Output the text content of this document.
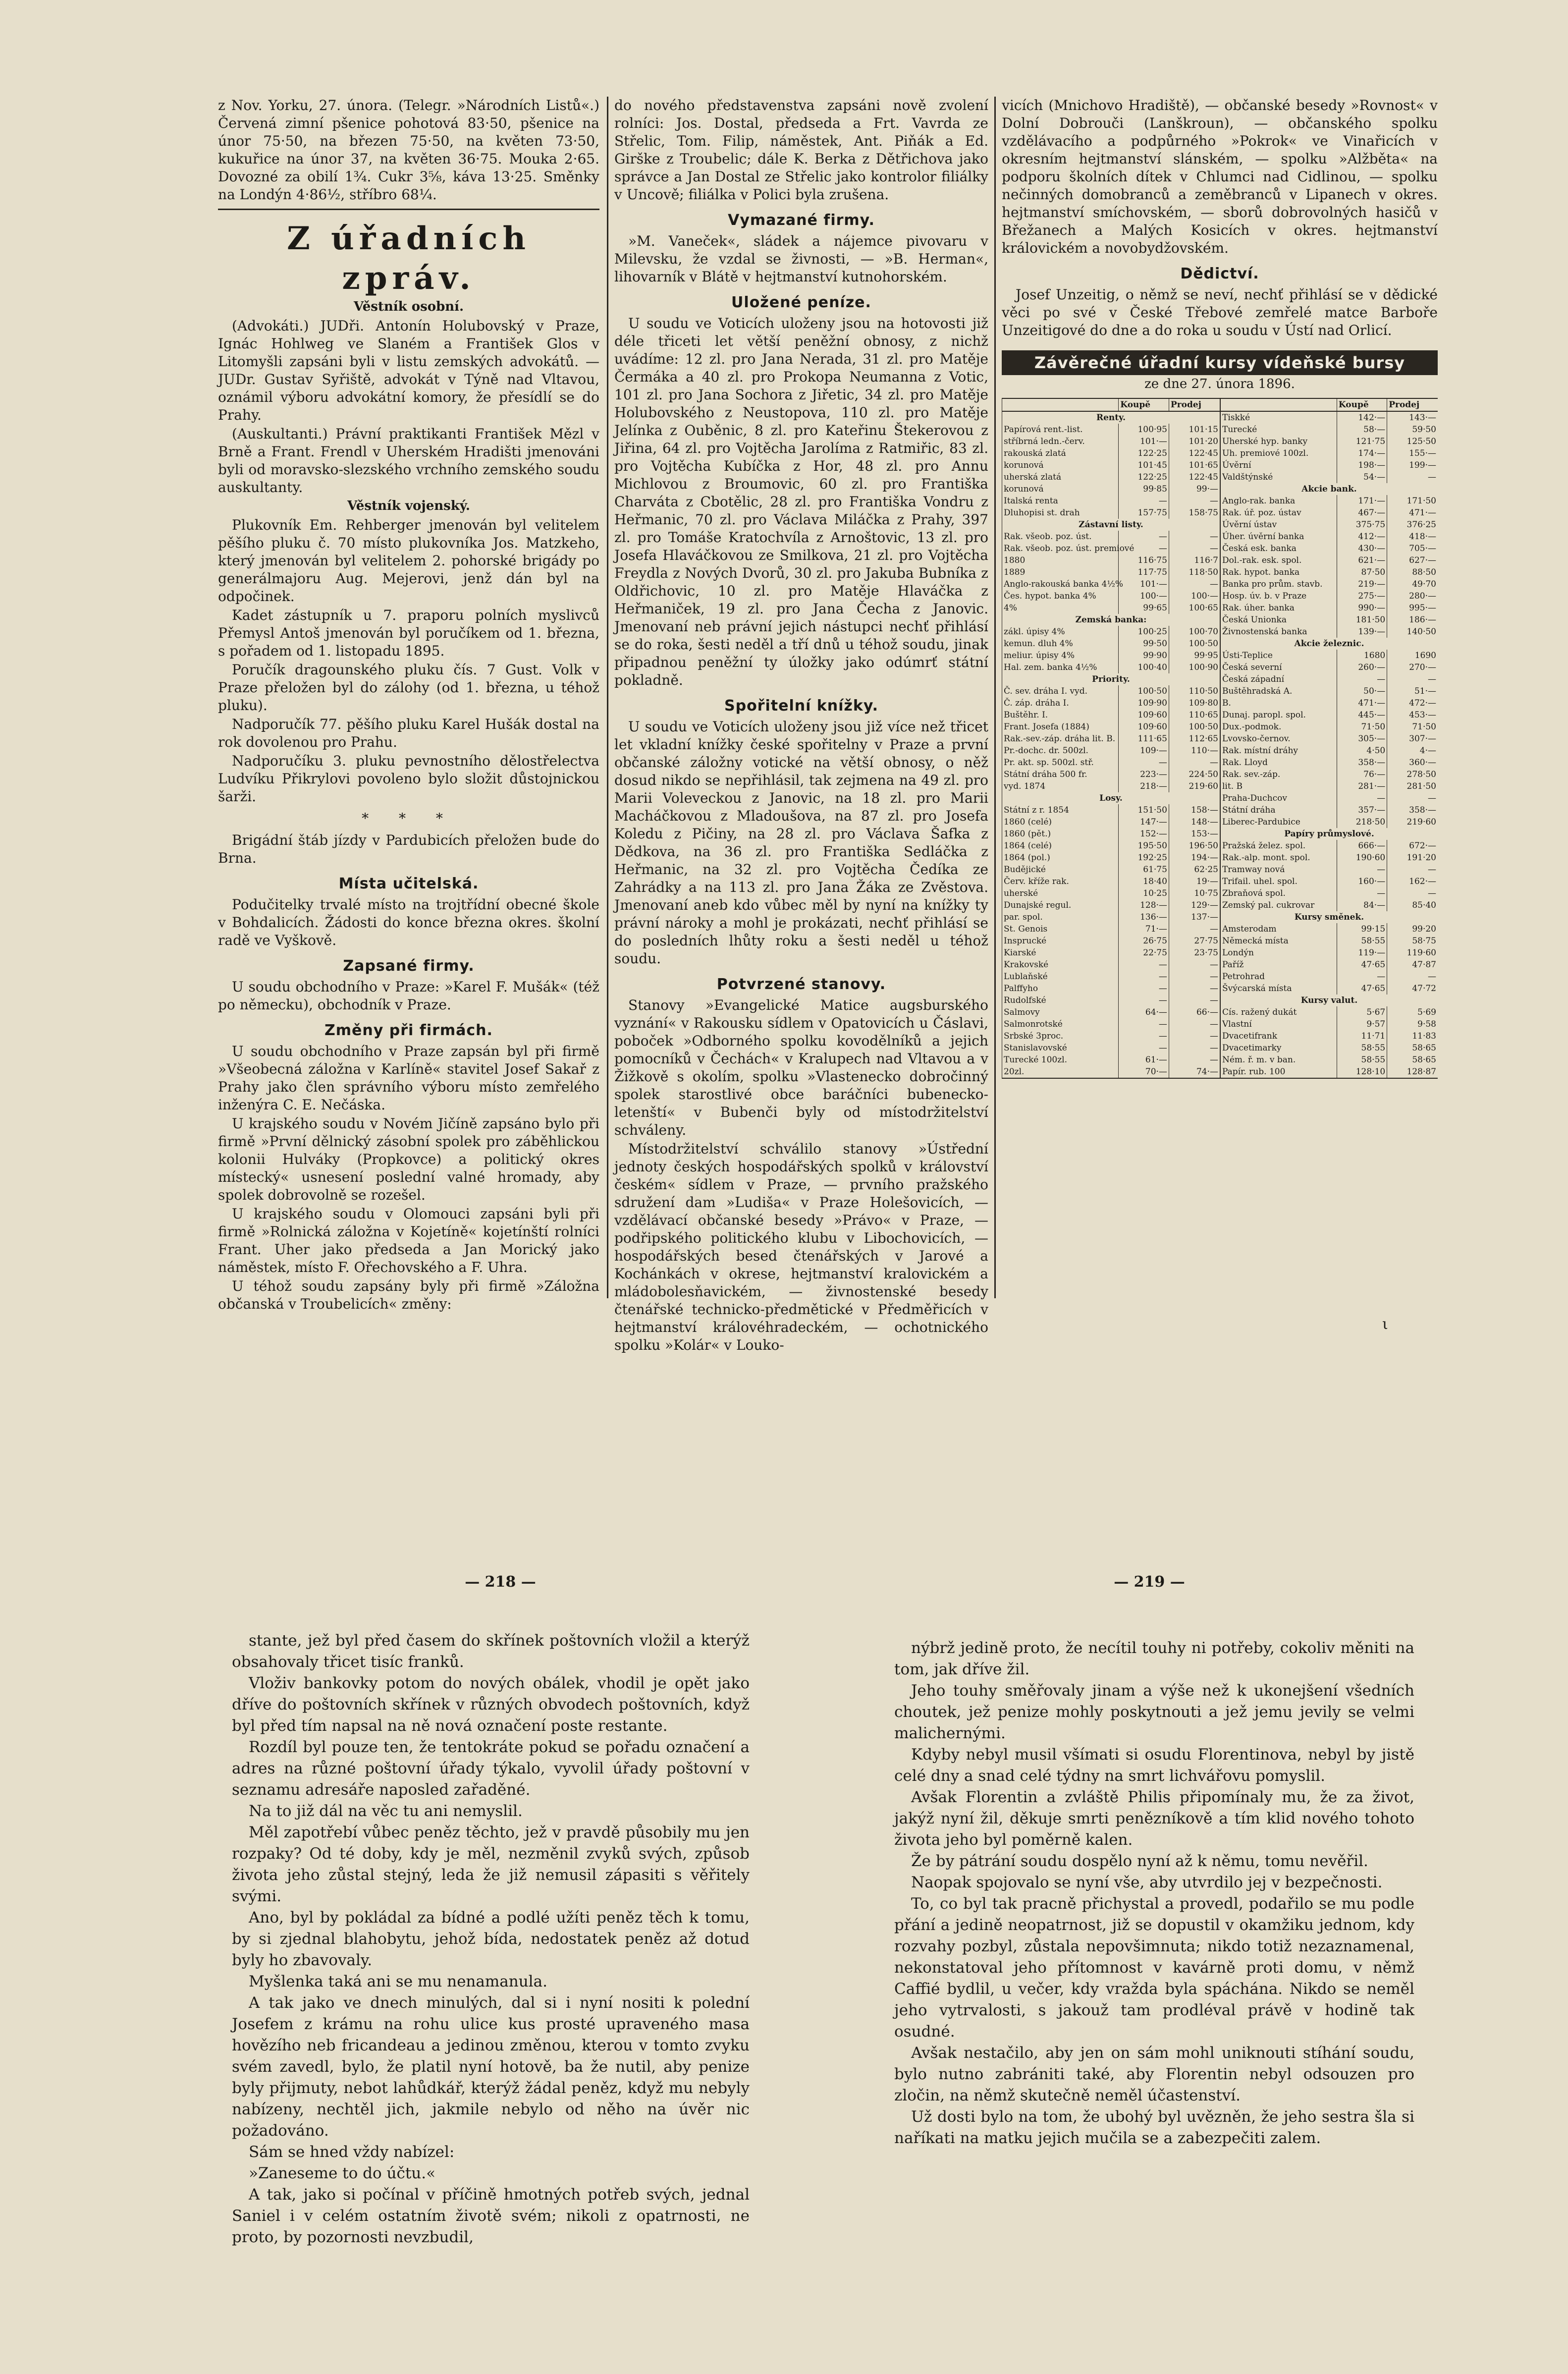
z Nov. Yorku, 27. února. (Telegr. »Národních Listů«.) Červená zimní pšenice pohotová 83·50, pšenice na únor 75·50, na březen 75·50, na květen 73·50, kukuřice na únor 37, na květen 36·75. Mouka 2·65. Dovozné za obilí 1¾. Cukr 3⅝, káva 13·25. Směnky na Londýn 4·86½, stříbro 68¼.

Z úřadních zpráv.
Věstník osobní.

(Advokáti.) JUDři. Antonín Holubovský v Praze, Ignác Hohlweg ve Slaném a František Glos v Litomyšli zapsáni byli v listu zemských advokátů. — JUDr. Gustav Syřiště, advokát v Týně nad Vltavou, oznámil výboru advokátní komory, že přesídlí se do Prahy.

(Auskultanti.) Právní praktikanti František Mězl v Brně a Frant. Frendl v Uherském Hradišti jmenováni byli od moravsko-slezského vrchního zemského soudu auskultanty.

Věstník vojenský.

Plukovník Em. Rehberger jmenován byl velitelem pěšího pluku č. 70 místo plukovníka Jos. Matzkeho, který jmenován byl velitelem 2. pohorské brigády po generálmajoru Aug. Mejerovi, jenž dán byl na odpočinek.

Kadet zástupník u 7. praporu polních myslivců Přemysl Antoš jmenován byl poručíkem od 1. března, s pořadem od 1. listopadu 1895.

Poručík dragounského pluku čís. 7 Gust. Volk v Praze přeložen byl do zálohy (od 1. března, u téhož pluku).

Nadporučík 77. pěšího pluku Karel Hušák dostal na rok dovolenou pro Prahu.

Nadporučíku 3. pluku pevnostního dělostřelectva Ludvíku Přikrylovi povoleno bylo složit důstojnickou šarži.

* * *

Brigádní štáb jízdy v Pardubicích přeložen bude do Brna.

Místa učitelská.

Podučitelky trvalé místo na trojtřídní obecné škole v Bohdalicích. Žádosti do konce března okres. školní radě ve Vyškově.

Zapsané firmy.

U soudu obchodního v Praze: »Karel F. Mušák« (též po německu), obchodník v Praze.

Změny při firmách.

U soudu obchodního v Praze zapsán byl při firmě »Všeobecná záložna v Karlíně« stavitel Josef Sakař z Prahy jako člen správního výboru místo zemřelého inženýra C. E. Nečáska.

U krajského soudu v Novém Jičíně zapsáno bylo při firmě »První dělnický zásobní spolek pro záběhlickou kolonii Hulváky (Propkovce) a politický okres místecký« usnesení poslední valné hromady, aby spolek dobrovolně se rozešel.

U krajského soudu v Olomouci zapsáni byli při firmě »Rolnická záložna v Kojetíně« kojetínští rolníci Frant. Uher jako předseda a Jan Morický jako náměstek, místo F. Ořechovského a F. Uhra.

U téhož soudu zapsány byly při firmě »Záložna občanská v Troubelicích« změny:

do nového představenstva zapsáni nově zvolení rolníci: Jos. Dostal, předseda a Frt. Vavrda ze Střelic, Tom. Filip, náměstek, Ant. Piňák a Ed. Girške z Troubelic; dále K. Berka z Dětřichova jako správce a Jan Dostal ze Střelic jako kontrolor filiálky v Uncově; filiálka v Polici byla zrušena.

Vymazané firmy.

»M. Vaneček«, sládek a nájemce pivovaru v Milevsku, že vzdal se živnosti, — »B. Herman«, lihovarník v Blátě v hejtmanství kutnohorském.

Uložené peníze.

U soudu ve Voticích uloženy jsou na hotovosti již déle třiceti let větší peněžní obnosy, z nichž uvádíme: 12 zl. pro Jana Nerada, 31 zl. pro Matěje Čermáka a 40 zl. pro Prokopa Neumanna z Votic, 101 zl. pro Jana Sochora z Jiřetic, 34 zl. pro Matěje Holubovského z Neustopova, 110 zl. pro Matěje Jelínka z Ouběnic, 8 zl. pro Kateřinu Štekerovou z Jiřina, 64 zl. pro Vojtěcha Jarolíma z Ratmiřic, 83 zl. pro Vojtěcha Kubíčka z Hor, 48 zl. pro Annu Michlovou z Broumovic, 60 zl. pro Františka Charváta z Cbotělic, 28 zl. pro Františka Vondru z Heřmanic, 70 zl. pro Václava Miláčka z Prahy, 397 zl. pro Tomáše Kratochvíla z Arnoštovic, 13 zl. pro Josefa Hlaváčkovou ze Smilkova, 21 zl. pro Vojtěcha Freydla z Nových Dvorů, 30 zl. pro Jakuba Bubníka z Oldřichovic, 10 zl. pro Matěje Hlaváčka z Heřmaniček, 19 zl. pro Jana Čecha z Janovic. Jmenovaní neb právní jejich nástupci nechť přihlásí se do roka, šesti neděl a tří dnů u téhož soudu, jinak připadnou peněžní ty úložky jako odúmrť státní pokladně.

Spořitelní knížky.

U soudu ve Voticích uloženy jsou již více než třicet let vkladní knížky české spořitelny v Praze a první občanské záložny votické na větší obnosy, o něž dosud nikdo se nepřihlásil, tak zejmena na 49 zl. pro Marii Voleveckou z Janovic, na 18 zl. pro Marii Macháčkovou z Mladoušova, na 87 zl. pro Josefa Koledu z Pičiny, na 28 zl. pro Václava Šafka z Dědkova, na 36 zl. pro Františka Sedláčka z Heřmanic, na 32 zl. pro Vojtěcha Čedíka ze Zahrádky a na 113 zl. pro Jana Žáka ze Zvěstova. Jmenovaní aneb kdo vůbec měl by nyní na knížky ty právní nároky a mohl je prokázati, nechť přihlásí se do posledních lhůty roku a šesti neděl u téhož soudu.

Potvrzené stanovy.

Stanovy »Evangelické Matice augsburského vyznání« v Rakousku sídlem v Opatovicích u Čáslavi, poboček »Odborného spolku kovodělníků a jejich pomocníků v Čechách« v Kralupech nad Vltavou a v Žižkově s okolím, spolku »Vlastenecko dobročinný spolek starostlivé obce baráčníci bubenecko-letenští« v Bubenči byly od místodržitelství schváleny.

Místodržitelství schválilo stanovy »Ústřední jednoty českých hospodářských spolků v království českém« sídlem v Praze, — prvního pražského sdružení dam »Ludiša« v Praze Holešovicích, — vzdělávací občanské besedy »Právo« v Praze, — podřipského politického klubu v Libochovicích, — hospodářských besed čtenářských v Jarové a Kochánkách v okrese, hejtmanství kralovickém a mládobolesňavickém, — živnostenské besedy čtenářské technicko-předmětické v Předměřicích v hejtmanství královéhradeckém, — ochotnického spolku »Kolár« v Louko-

vicích (Mnichovo Hradiště), — občanské besedy »Rovnost« v Dolní Dobrouči (Lanškroun), — občanského spolku vzdělávacího a podpůrného »Pokrok« ve Vinařicích v okresním hejtmanství slánském, — spolku »Alžběta« na podporu školních dítek v Chlumci nad Cidlinou, — spolku nečinných domobranců a zeměbranců v Lipanech v okres. hejtmanství smíchovském, — sborů dobrovolných hasičů v Břežanech a Malých Kosicích v okres. hejtmanství královickém a novobydžovském.

Dědictví.

Josef Unzeitig, o němž se neví, nechť přihlásí se v dědické věci po své v České Třebové zemřelé matce Barboře Unzeitigové do dne a do roka u soudu v Ústí nad Orlicí.

Závěrečné úřadní kursy vídeňské bursy
ze dne 27. února 1896.
	Koupě	Prodej
Renty.		
Papírová rent.-list.	100·95	101·15
stříbrná ledn.-červ.	101·—	101·20
rakouská zlatá	122·25	122·45
korunová	101·45	101·65
uherská zlatá	122·25	122·45
korunová	99·85	99·—
Italská renta	—	—
Dluhopisi st. drah	157·75	158·75
Zástavní listy.		
Rak. všeob. poz. úst.	—	—
Rak. všeob. poz. úst. premiové	—	—
1880	116·75	116·7
1889	117·75	118·50
Anglo-rakouská banka 4½%	101·—	—
Čes. hypot. banka 4%	100·—	100·—
4%	99·65	100·65
Zemská banka:		
zákl. úpisy 4%	100·25	100·70
kemun. dluh 4%	99·50	100·50
meliur. úpisy 4%	99·90	99·95
Hal. zem. banka 4½%	100·40	100·90
Priority.		
Č. sev. dráha I. vyd.	100·50	110·50
Č. záp. dráha I.	109·90	109·80
Buštěhr. I.	109·60	110·65
Frant. Josefa (1884)	109·60	100·50
Rak.-sev.-záp. dráha lit. B.	111·65	112·65
Pr.-dochc. dr. 500zl.	109·—	110·—
Pr. akt. sp. 500zl. stř.	—	—
Státní dráha 500 fr.	223·—	224·50
vyd. 1874	218·—	219·60
Losy.		
Státní z r. 1854	151·50	158·—
1860 (celé)	147·—	148·—
1860 (pět.)	152·—	153·—
1864 (celé)	195·50	196·50
1864 (pol.)	192·25	194·—
Budějické	61·75	62·25
Červ. kříže rak.	18·40	19·—
uherské	10·25	10·75
Dunajské regul.	128·—	129·—
par. spol.	136·—	137·—
St. Genois	71·—	—
Insprucké	26·75	27·75
Kiarské	22·75	23·75
Krakovské	—	—
Lublaňské	—	—
Palffyho	—	—
Rudolfské	—	—
Salmovy	64·—	66·—
Salmonrotské	—	—
Srbské 3proc.	—	—
Stanislavovské	—	—
Turecké 100zl.	61·—	—
20zl.	70·—	74·—
	Koupě	Prodej
Tiskké	142·—	143·—
Turecké	58·—	59·50
Uherské hyp. banky	121·75	125·50
Uh. premiové 100zl.	174·—	155·—
Úvěrní	198·—	199·—
Valdštýnské	54·—	—

Akcie bank.		
Anglo-rak. banka	171·—	171·50
Rak. úř. poz. ústav	467·—	471·—
Úvěrní ústav	375·75	376·25
Úher. úvěrní banka	412·—	418·—
Česká esk. banka	430·—	705·—
Dol.-rak. esk. spol.	621·—	627·—
Rak. hypot. banka	87·50	88·50
Banka pro prům. stavb.	219·—	49·70
Hosp. úv. b. v Praze	275·—	280·—
Rak. úher. banka	990·—	995·—
Česká Unionka	181·50	186·—
Živnostenská banka	139·—	140·50

Akcie železnic.		
Ústi-Teplice	1680	1690
Česká severní	260·—	270·—
Česká západní	—	—
Buštěhradská A.	50·—	51·—
B.	471·—	472·—
Dunaj. paropl. spol.	445·—	453·—
Dux.-podmok.	71·50	71·50
Lvovsko-černov.	305·—	307·—
Rak. místní dráhy	4·50	4·—
Rak. Lloyd	358·—	360·—
Rak. sev.-záp.	76·—	278·50
lit. B	281·—	281·50
Praha-Duchcov	—	—
Státní dráha	357·—	358·—
Liberec-Pardubice	218·50	219·60

Papíry průmyslové.		
Pražská želez. spol.	666·—	672·—
Rak.-alp. mont. spol.	190·60	191·20
Tramway nová	—	—
Trifail. uhel. spol.	160·—	162·—
Zbraňová spol.	—	—
Zemský pal. cukrovar	84·—	85·40

Kursy směnek.		
Amsterodam	99·15	99·20
Německá místa	58·55	58·75
Londýn	119·—	119·60
Paříž	47·65	47·87
Petrohrad	—	—
Švýcarská místa	47·65	47·72

Kursy valut.		
Cís. ražený dukát	5·67	5·69
Vlastní	9·57	9·58
Dvacetifrank	11·71	11·83
Dvacetimarky	58·55	58·65
Ném. ř. m. v ban.	58·55	58·65
Papír. rub. 100	128·10	128·87
— 218 —	— 219 —

stante, jež byl před časem do skřínek poštovních vložil a kterýž obsahovaly třicet tisíc franků.

Vloživ bankovky potom do nových obálek, vhodil je opět jako dříve do poštovních skřínek v různých obvodech poštovních, když byl před tím napsal na ně nová označení poste restante.

Rozdíl byl pouze ten, že tentokráte pokud se pořadu označení a adres na různé poštovní úřady týkalo, vyvolil úřady poštovní v seznamu adresáře naposled zařaděné.

Na to již dál na věc tu ani nemyslil.

Měl zapotřebí vůbec peněz těchto, jež v pravdě působily mu jen rozpaky? Od té doby, kdy je měl, nezměnil zvyků svých, způsob života jeho zůstal stejný, leda že již nemusil zápasiti s věřitely svými.

Ano, byl by pokládal za bídné a podlé užíti peněz těch k tomu, by si zjednal blahobytu, jehož bída, nedostatek peněz až dotud byly ho zbavovaly.

Myšlenka taká ani se mu nenamanula.

A tak jako ve dnech minulých, dal si i nyní nositi k polední Josefem z krámu na rohu ulice kus prosté upraveného masa hovězího neb fricandeau a jedinou změnou, kterou v tomto zvyku svém zavedl, bylo, že platil nyní hotově, ba že nutil, aby penize byly přijmuty, nebot lahůdkář, kterýž žádal peněz, když mu nebyly nabízeny, nechtěl jich, jakmile nebylo od něho na úvěr nic požadováno.

Sám se hned vždy nabízel:

»Zaneseme to do účtu.«

A tak, jako si počínal v příčině hmotných potřeb svých, jednal Saniel i v celém ostatním životě svém; nikoli z opatrnosti, ne proto, by pozornosti nevzbudil,

nýbrž jedině proto, že necítil touhy ni potřeby, cokoliv měniti na tom, jak dříve žil.

Jeho touhy směřovaly jinam a výše než k ukonejšení všedních choutek, jež penize mohly poskytnouti a jež jemu jevily se velmi malichernými.

Kdyby nebyl musil všímati si osudu Florentinova, nebyl by jistě celé dny a snad celé týdny na smrt lichvářovu pomyslil.

Avšak Florentin a zvláště Philis připomínaly mu, že za život, jakýž nyní žil, děkuje smrti penězníkově a tím klid nového tohoto života jeho byl poměrně kalen.

Že by pátrání soudu dospělo nyní až k němu, tomu nevěřil.

Naopak spojovalo se nyní vše, aby utvrdilo jej v bezpečnosti.

To, co byl tak pracně přichystal a provedl, podařilo se mu podle přání a jedině neopatrnost, již se dopustil v okamžiku jednom, kdy rozvahy pozbyl, zůstala nepovšimnuta; nikdo totiž nezaznamenal, nekonstatoval jeho přítomnost v kavárně proti domu, v němž Caffié bydlil, u večer, kdy vražda byla spáchána. Nikdo se neměl jeho vytrvalosti, s jakouž tam prodléval právě v hodině tak osudné.

Avšak nestačilo, aby jen on sám mohl uniknouti stíhání soudu, bylo nutno zabrániti také, aby Florentin nebyl odsouzen pro zločin, na němž skutečně neměl účastenství.

Už dosti bylo na tom, že ubohý byl uvězněn, že jeho sestra šla si naříkati na matku jejich mučila se a zabezpečiti zalem.

ι
